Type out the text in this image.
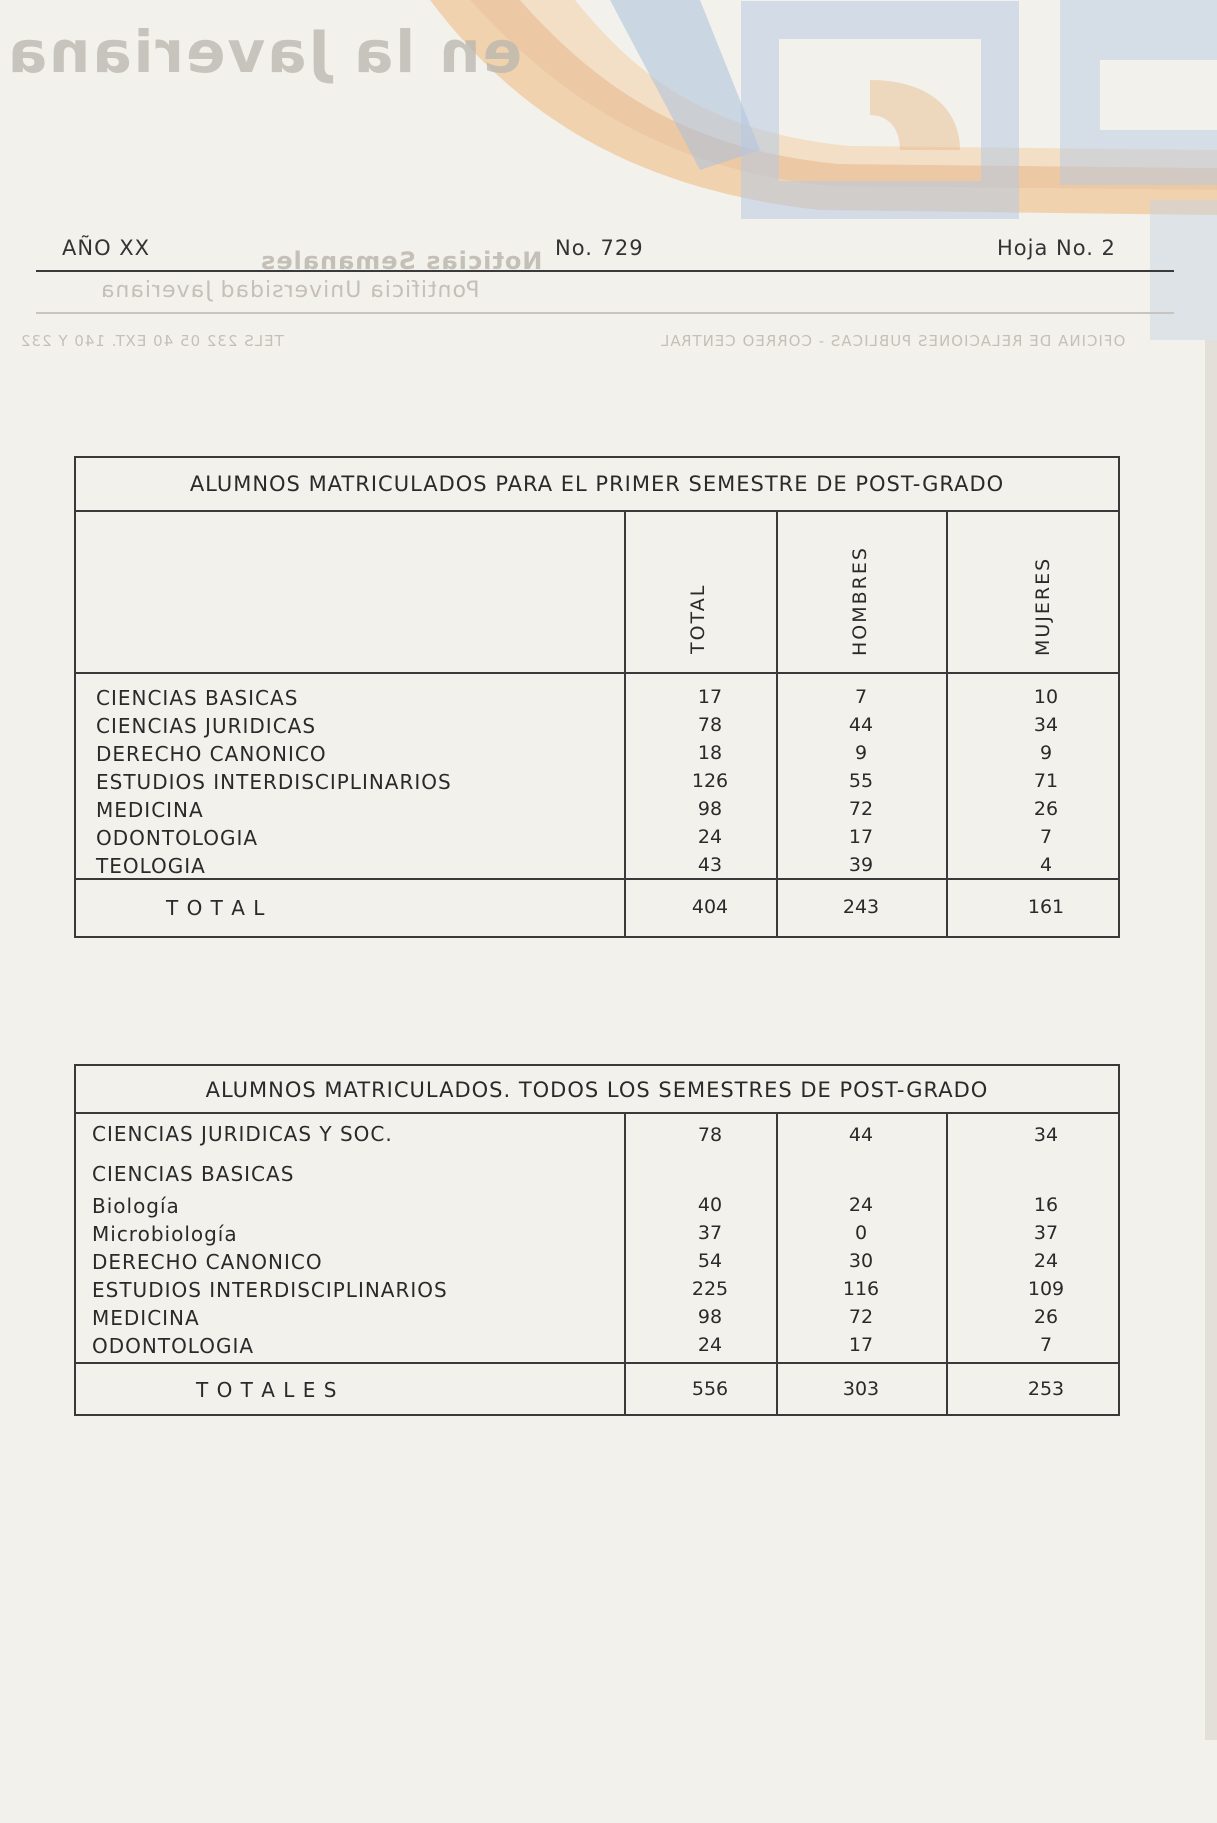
en la Javeriana
AÑO XX	No. 729	Hoja No. 2
Noticias Semanales
Pontificia Universidad Javeriana
OFICINA DE RELACIONES PUBLICAS - CORREO CENTRAL
TELS 232 05 40 EXT. 140 Y 232
ALUMNOS MATRICULADOS PARA EL PRIMER SEMESTRE DE POST-GRADO
TOTAL	HOMBRES	MUJERES
CIENCIAS BASICAS	17	7	10
CIENCIAS JURIDICAS	78	44	34
DERECHO CANONICO	18	9	9
ESTUDIOS INTERDISCIPLINARIOS	126	55	71
MEDICINA	98	72	26
ODONTOLOGIA	24	17	7
TEOLOGIA	43	39	4
T O T A L	404	243	161
ALUMNOS MATRICULADOS. TODOS LOS SEMESTRES DE POST-GRADO
CIENCIAS JURIDICAS Y SOC.	78	44	34
CIENCIAS BASICAS
Biología	40	24	16
Microbiología	37	0	37
DERECHO CANONICO	54	30	24
ESTUDIOS INTERDISCIPLINARIOS	225	116	109
MEDICINA	98	72	26
ODONTOLOGIA	24	17	7
T O T A L E S	556	303	253
